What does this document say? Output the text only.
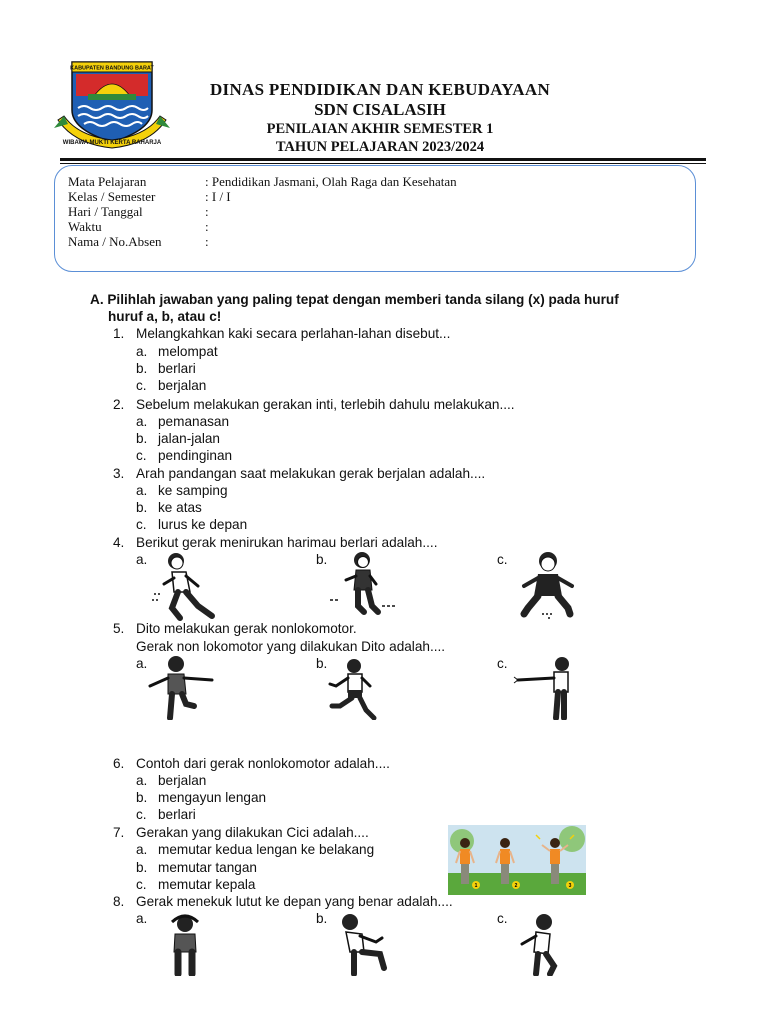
KABUPATEN BANDUNG BARAT
WIBAWA MUKTI KERTA RAHARJA
DINAS PENDIDIKAN DAN KEBUDAYAAN
SDN CISALASIH
PENILAIAN AKHIR SEMESTER 1
TAHUN PELAJARAN 2023/2024
Mata Pelajaran	: Pendidikan Jasmani, Olah Raga dan Kesehatan
Kelas / Semester	: I / I
Hari / Tanggal	:
Waktu	:
Nama / No.Absen	:
A. Pilihlah jawaban yang paling tepat dengan memberi tanda silang (x) pada huruf
huruf a, b, atau c!
1. Melangkahkan kaki secara perlahan-lahan disebut...
a. melompat
b. berlari
c. berjalan
2. Sebelum melakukan gerakan inti, terlebih dahulu melakukan....
a. pemanasan
b. jalan-jalan
c. pendinginan
3. Arah pandangan saat melakukan gerak berjalan adalah....
a. ke samping
b. ke atas
c. lurus ke depan
4. Berikut gerak menirukan harimau berlari adalah....
a.	b.	c.
5. Dito melakukan gerak nonlokomotor.
Gerak non lokomotor yang dilakukan Dito adalah....
a.	b.	c.
6. Contoh dari gerak nonlokomotor adalah....
a. berjalan
b. mengayun lengan
c. berlari
7. Gerakan yang dilakukan Cici adalah....
a. memutar kedua lengan ke belakang
b. memutar tangan
c. memutar kepala	1	2	3
8. Gerak menekuk lutut ke depan yang benar adalah....
a.	b.	c.
